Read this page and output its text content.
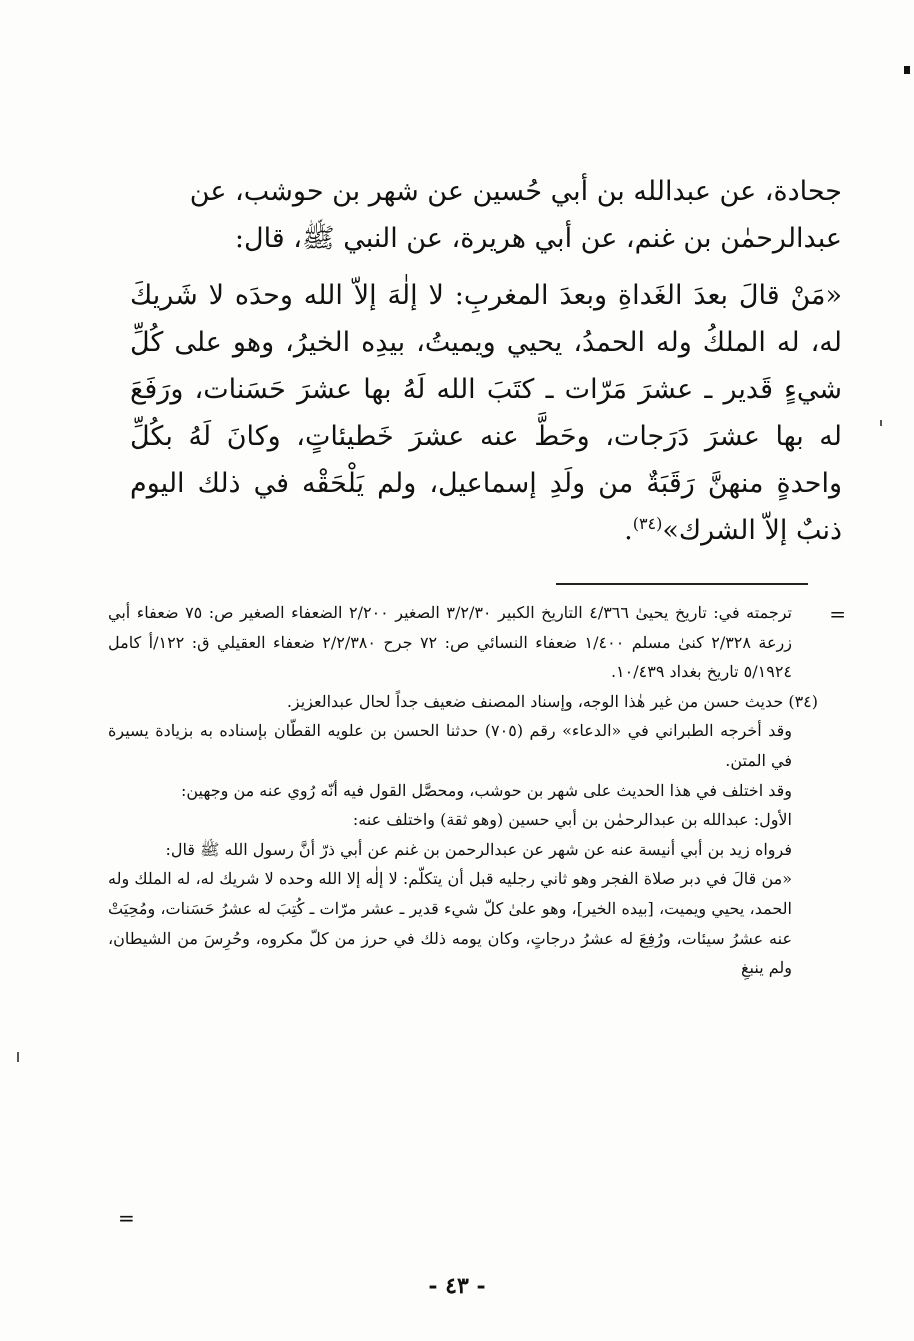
جحادة، عن عبدالله بن أبي حُسين عن شهر بن حوشب، عن

عبدالرحمٰن بن غنم، عن أبي هريرة، عن النبي ﷺ، قال:

«مَنْ قالَ بعدَ الغَداةِ وبعدَ المغربِ: لا إلٰهَ إلاّ الله وحدَه لا شَريكَ له، له الملكُ وله الحمدُ، يحيي ويميتُ، بيدِه الخيرُ، وهو على كُلِّ شيءٍ قَدير ـ عشرَ مَرّات ـ كتَبَ الله لَهُ بها عشرَ حَسَنات، ورَفَعَ له بها عشرَ دَرَجات، وحَطَّ عنه عشرَ خَطيئاتٍ، وكانَ لَهُ بكُلِّ واحدةٍ منهنَّ رَقَبَةٌ من ولَدِ إسماعيل، ولم يَلْحَقْه في ذلك اليوم ذنبٌ إلاّ الشرك»$^{(٣٤)}$.

=
ترجمته في: تاريخ يحيىٰ ٤/٣٦٦ التاريخ الكبير ٣/٢/٣٠ الصغير ٢/٢٠٠ الضعفاء الصغير ص: ٧٥ ضعفاء أبي زرعة ٢/٣٢٨ كنىٰ مسلم ١/٤٠٠ ضعفاء النسائي ص: ٧٢ جرح ٢/٢/٣٨٠ ضعفاء العقيلي ق: ١٢٢/أ كامل ٥/١٩٢٤ تاريخ بغداد ١٠/٤٣٩.

(٣٤) حديث حسن من غير هٰذا الوجه، وإسناد المصنف ضعيف جداً لحال عبدالعزيز.

وقد أخرجه الطبراني في «الدعاء» رقم (٧٠٥) حدثنا الحسن بن علويه القطّان بإسناده به بزيادة يسيرة في المتن.

وقد اختلف في هذا الحديث على شهر بن حوشب، ومحصَّل القول فيه أنّه رُوي عنه من وجهين:

الأول: عبدالله بن عبدالرحمٰن بن أبي حسين (وهو ثقة) واختلف عنه:

فرواه زيد بن أبي أنيسة عنه عن شهر عن عبدالرحمن بن غنم عن أبي ذرّ أنَّ رسول الله ﷺ قال:

«من قالَ في دبر صلاة الفجر وهو ثاني رجليه قبل أن يتكلّم: لا إلٰه إلا الله وحده لا شريك له، له الملك وله الحمد، يحيي ويميت، [بيده الخير]، وهو علىٰ كلّ شيء قدير ـ عشر مرّات ـ كُتِبَ له عشرُ حَسَنات، ومُحِيَتْ عنه عشرُ سيئات، ورُفِعَ له عشرُ درجاتٍ، وكان يومه ذلك في حرز من كلّ مكروه، وحُرِسَ من الشيطان، ولم ينبغِ

=
- ٤٣ -
